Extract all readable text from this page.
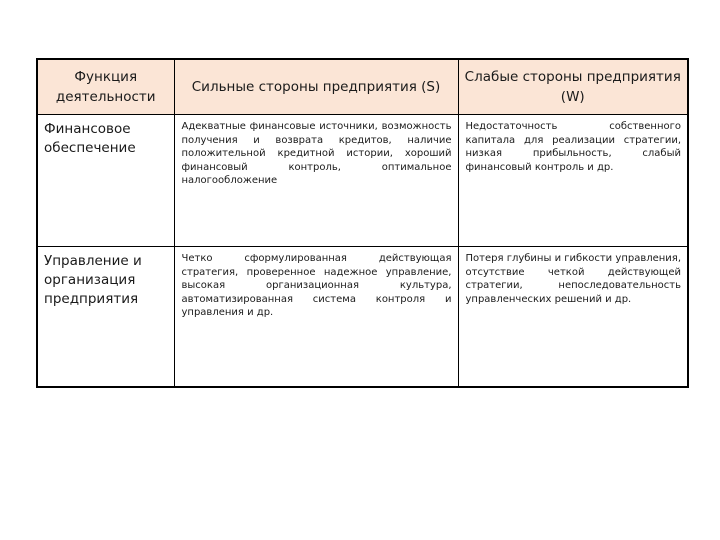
Функция деятельности	Сильные стороны предприятия (S)	Слабые стороны предприятия (W)

Финансовое обеспечение	Адекватные финансовые источники, возможность получения и возврата кредитов, наличие положительной кредитной истории, хороший финансовый контроль, оптимальное налогообложение	Недостаточность собственного капитала для реализации стратегии, низкая прибыльность, слабый финансовый контроль и др.
Управление и организация предприятия	Четко сформулированная действующая стратегия, проверенное надежное управление, высокая организационная культура, автоматизированная система контроля и управления и др.	Потеря глубины и гибкости управления, отсутствие четкой действующей стратегии, непоследовательность управленческих решений и др.
